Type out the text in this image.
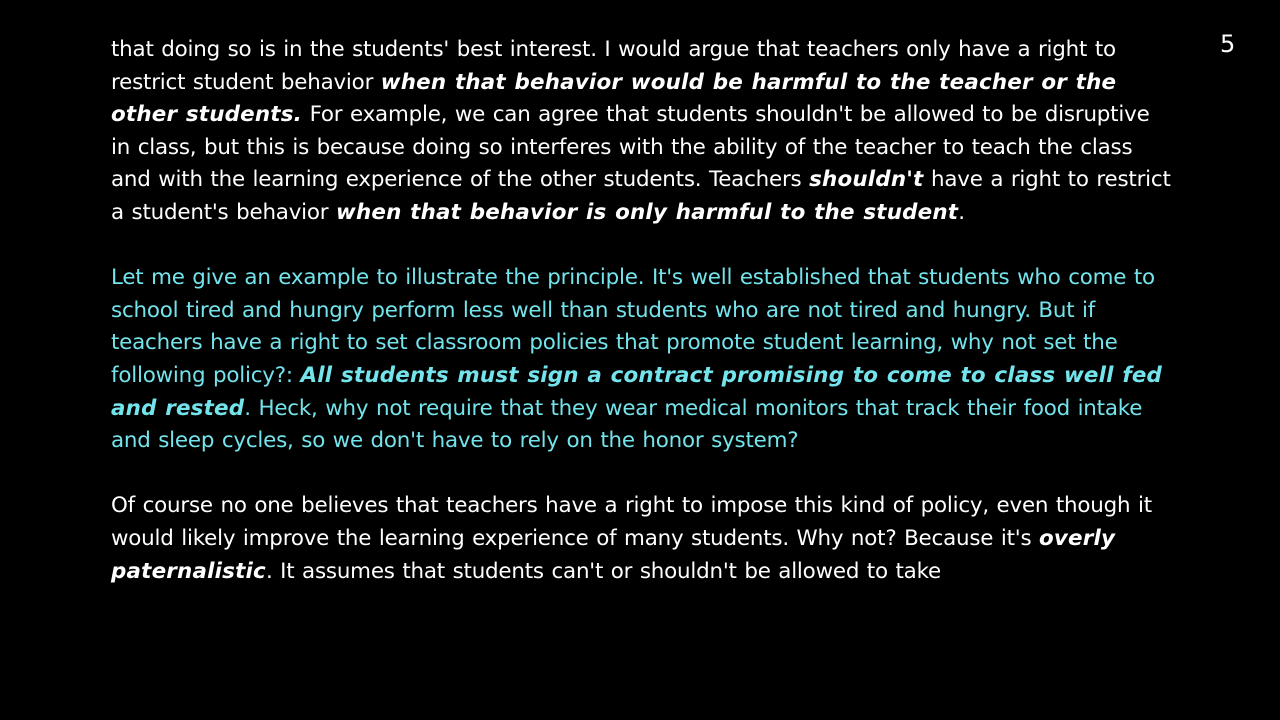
5

that doing so is in the students' best interest. I would argue that teachers only have a right to restrict student behavior when that behavior would be harmful to the teacher or the other students. For example, we can agree that students shouldn't be allowed to be disruptive in class, but this is because doing so interferes with the ability of the teacher to teach the class and with the learning experience of the other students. Teachers shouldn't have a right to restrict a student's behavior when that behavior is only harmful to the student.

Let me give an example to illustrate the principle. It's well established that students who come to school tired and hungry perform less well than students who are not tired and hungry. But if teachers have a right to set classroom policies that promote student learning, why not set the following policy?: All students must sign a contract promising to come to class well fed and rested. Heck, why not require that they wear medical monitors that track their food intake and sleep cycles, so we don't have to rely on the honor system?

Of course no one believes that teachers have a right to impose this kind of policy, even though it would likely improve the learning experience of many students. Why not? Because it's overly paternalistic. It assumes that students can't or shouldn't be allowed to take
